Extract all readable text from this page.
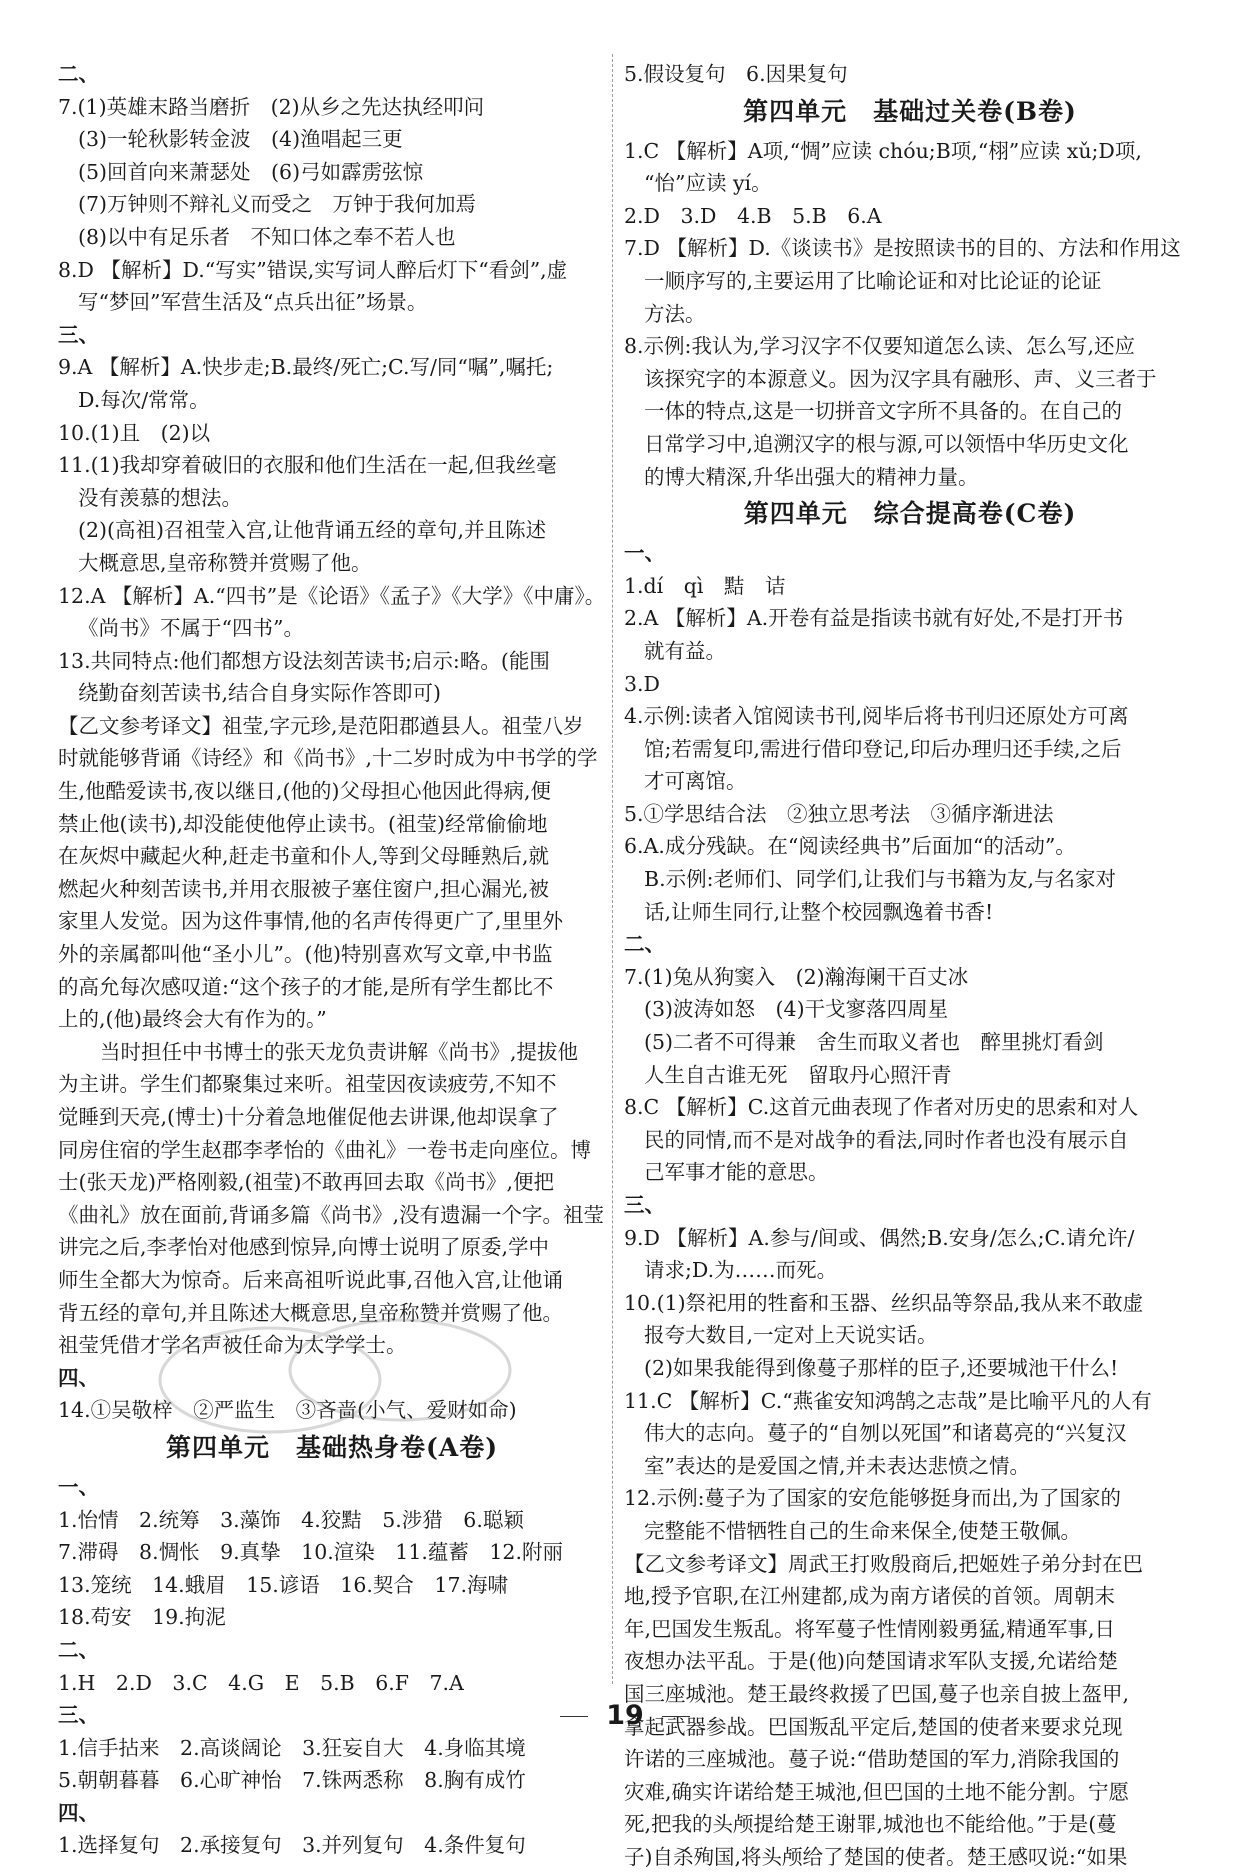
二、
7.(1)英雄末路当磨折　(2)从乡之先达执经叩问
(3)一轮秋影转金波　(4)渔唱起三更
(5)回首向来萧瑟处　(6)弓如霹雳弦惊
(7)万钟则不辩礼义而受之　万钟于我何加焉
(8)以中有足乐者　不知口体之奉不若人也
8.D 【解析】D.“写实”错误,实写词人醉后灯下“看剑”,虚
写“梦回”军营生活及“点兵出征”场景。
三、
9.A 【解析】A.快步走;B.最终/死亡;C.写/同“嘱”,嘱托;
D.每次/常常。
10.(1)且　(2)以
11.(1)我却穿着破旧的衣服和他们生活在一起,但我丝毫
没有羡慕的想法。
(2)(高祖)召祖莹入宫,让他背诵五经的章句,并且陈述
大概意思,皇帝称赞并赏赐了他。
12.A 【解析】A.“四书”是《论语》《孟子》《大学》《中庸》。
《尚书》不属于“四书”。
13.共同特点:他们都想方设法刻苦读书;启示:略。(能围
绕勤奋刻苦读书,结合自身实际作答即可)
【乙文参考译文】祖莹,字元珍,是范阳郡遒县人。祖莹八岁
时就能够背诵《诗经》和《尚书》,十二岁时成为中书学的学
生,他酷爱读书,夜以继日,(他的)父母担心他因此得病,便
禁止他(读书),却没能使他停止读书。(祖莹)经常偷偷地
在灰烬中藏起火种,赶走书童和仆人,等到父母睡熟后,就
燃起火种刻苦读书,并用衣服被子塞住窗户,担心漏光,被
家里人发觉。因为这件事情,他的名声传得更广了,里里外
外的亲属都叫他“圣小儿”。(他)特别喜欢写文章,中书监
的高允每次感叹道:“这个孩子的才能,是所有学生都比不
上的,(他)最终会大有作为的。”
当时担任中书博士的张天龙负责讲解《尚书》,提拔他
为主讲。学生们都聚集过来听。祖莹因夜读疲劳,不知不
觉睡到天亮,(博士)十分着急地催促他去讲课,他却误拿了
同房住宿的学生赵郡李孝怡的《曲礼》一卷书走向座位。博
士(张天龙)严格刚毅,(祖莹)不敢再回去取《尚书》,便把
《曲礼》放在面前,背诵多篇《尚书》,没有遗漏一个字。祖莹
讲完之后,李孝怡对他感到惊异,向博士说明了原委,学中
师生全都大为惊奇。后来高祖听说此事,召他入宫,让他诵
背五经的章句,并且陈述大概意思,皇帝称赞并赏赐了他。
祖莹凭借才学名声被任命为太学学士。
四、
14.①吴敬梓　②严监生　③吝啬(小气、爱财如命)
第四单元　基础热身卷(A卷)
一、
1.怡情　2.统筹　3.藻饰　4.狡黠　5.涉猎　6.聪颖
7.滞碍　8.惆怅　9.真挚　10.渲染　11.蕴蓄　12.附丽
13.笼统　14.蛾眉　15.谚语　16.契合　17.海啸
18.苟安　19.拘泥
二、
1.H　2.D　3.C　4.G　E　5.B　6.F　7.A
三、
1.信手拈来　2.高谈阔论　3.狂妄自大　4.身临其境
5.朝朝暮暮　6.心旷神怡　7.铢两悉称　8.胸有成竹
四、
1.选择复句　2.承接复句　3.并列复句　4.条件复句
5.假设复句　6.因果复句
第四单元　基础过关卷(B卷)
1.C 【解析】A项,“惆”应读 chóu;B项,“栩”应读 xǔ;D项,
“怡”应读 yí。
2.D　3.D　4.B　5.B　6.A
7.D 【解析】D.《谈读书》是按照读书的目的、方法和作用这
一顺序写的,主要运用了比喻论证和对比论证的论证
方法。
8.示例:我认为,学习汉字不仅要知道怎么读、怎么写,还应
该探究字的本源意义。因为汉字具有融形、声、义三者于
一体的特点,这是一切拼音文字所不具备的。在自己的
日常学习中,追溯汉字的根与源,可以领悟中华历史文化
的博大精深,升华出强大的精神力量。
第四单元　综合提高卷(C卷)
一、
1.dí　qì　黠　诘
2.A 【解析】A.开卷有益是指读书就有好处,不是打开书
就有益。
3.D
4.示例:读者入馆阅读书刊,阅毕后将书刊归还原处方可离
馆;若需复印,需进行借印登记,印后办理归还手续,之后
才可离馆。
5.①学思结合法　②独立思考法　③循序渐进法
6.A.成分残缺。在“阅读经典书”后面加“的活动”。
B.示例:老师们、同学们,让我们与书籍为友,与名家对
话,让师生同行,让整个校园飘逸着书香!
二、
7.(1)兔从狗窦入　(2)瀚海阑干百丈冰
(3)波涛如怒　(4)干戈寥落四周星
(5)二者不可得兼　舍生而取义者也　醉里挑灯看剑
人生自古谁无死　留取丹心照汗青
8.C 【解析】C.这首元曲表现了作者对历史的思索和对人
民的同情,而不是对战争的看法,同时作者也没有展示自
己军事才能的意思。
三、
9.D 【解析】A.参与/间或、偶然;B.安身/怎么;C.请允许/
请求;D.为……而死。
10.(1)祭祀用的牲畜和玉器、丝织品等祭品,我从来不敢虚
报夸大数目,一定对上天说实话。
(2)如果我能得到像蔓子那样的臣子,还要城池干什么!
11.C 【解析】C.“燕雀安知鸿鹄之志哉”是比喻平凡的人有
伟大的志向。蔓子的“自刎以死国”和诸葛亮的“兴复汉
室”表达的是爱国之情,并未表达悲愤之情。
12.示例:蔓子为了国家的安危能够挺身而出,为了国家的
完整能不惜牺牲自己的生命来保全,使楚王敬佩。
【乙文参考译文】周武王打败殷商后,把姬姓子弟分封在巴
地,授予官职,在江州建都,成为南方诸侯的首领。周朝末
年,巴国发生叛乱。将军蔓子性情刚毅勇猛,精通军事,日
夜想办法平乱。于是(他)向楚国请求军队支援,允诺给楚
国三座城池。楚王最终救援了巴国,蔓子也亲自披上盔甲,
拿起武器参战。巴国叛乱平定后,楚国的使者来要求兑现
许诺的三座城池。蔓子说:“借助楚国的军力,消除我国的
灾难,确实许诺给楚王城池,但巴国的土地不能分割。宁愿
死,把我的头颅提给楚王谢罪,城池也不能给他。”于是(蔓
子)自杀殉国,将头颅给了楚国的使者。楚王感叹说:“如果
19
